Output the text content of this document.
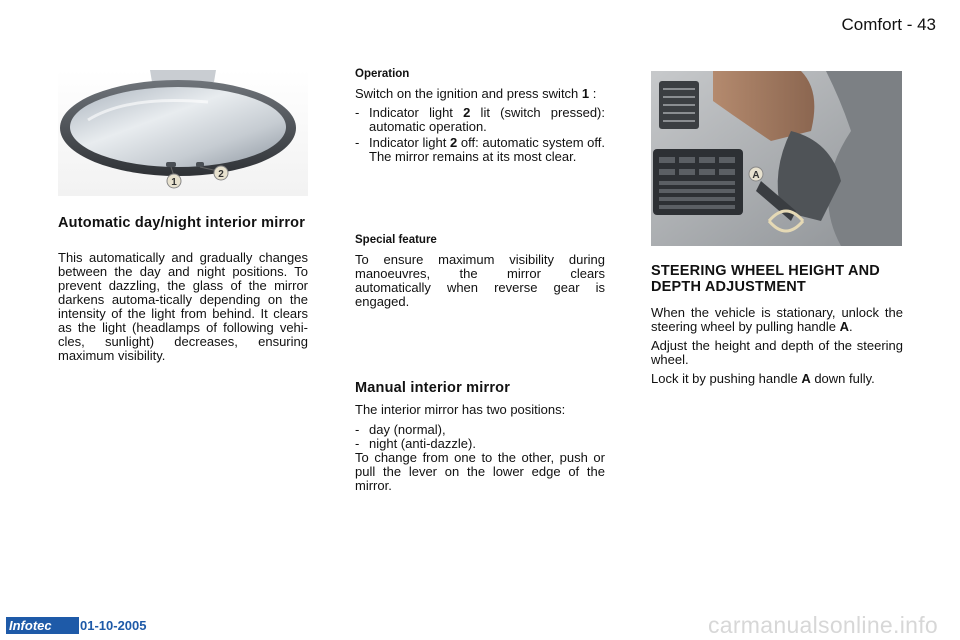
Comfort - 43
1
2
Automatic day/night interior mirror
This automatically and gradually changes between the day and night positions. To prevent dazzling, the glass of the mirror darkens automa-tically depending on the intensity of the light from behind. It clears as the light (headlamps of following vehi-cles, sunlight) decreases, ensuring maximum visibility.
Operation

Switch on the ignition and press switch 1 :

- Indicator light 2 lit (switch pressed): automatic operation.
- Indicator light 2 off: automatic system off. The mirror remains at its most clear.
Special feature

To ensure maximum visibility during manoeuvres, the mirror clears automatically when reverse gear is engaged.

Manual interior mirror

The interior mirror has two positions:

- day (normal),
- night (anti-dazzle).

To change from one to the other, push or pull the lever on the lower edge of the mirror.

A
STEERING WHEEL HEIGHT AND DEPTH ADJUSTMENT

When the vehicle is stationary, unlock the steering wheel by pulling handle A.

Adjust the height and depth of the steering wheel.

Lock it by pushing handle A down fully.

Infotec	01-10-2005	carmanualsonline.info
